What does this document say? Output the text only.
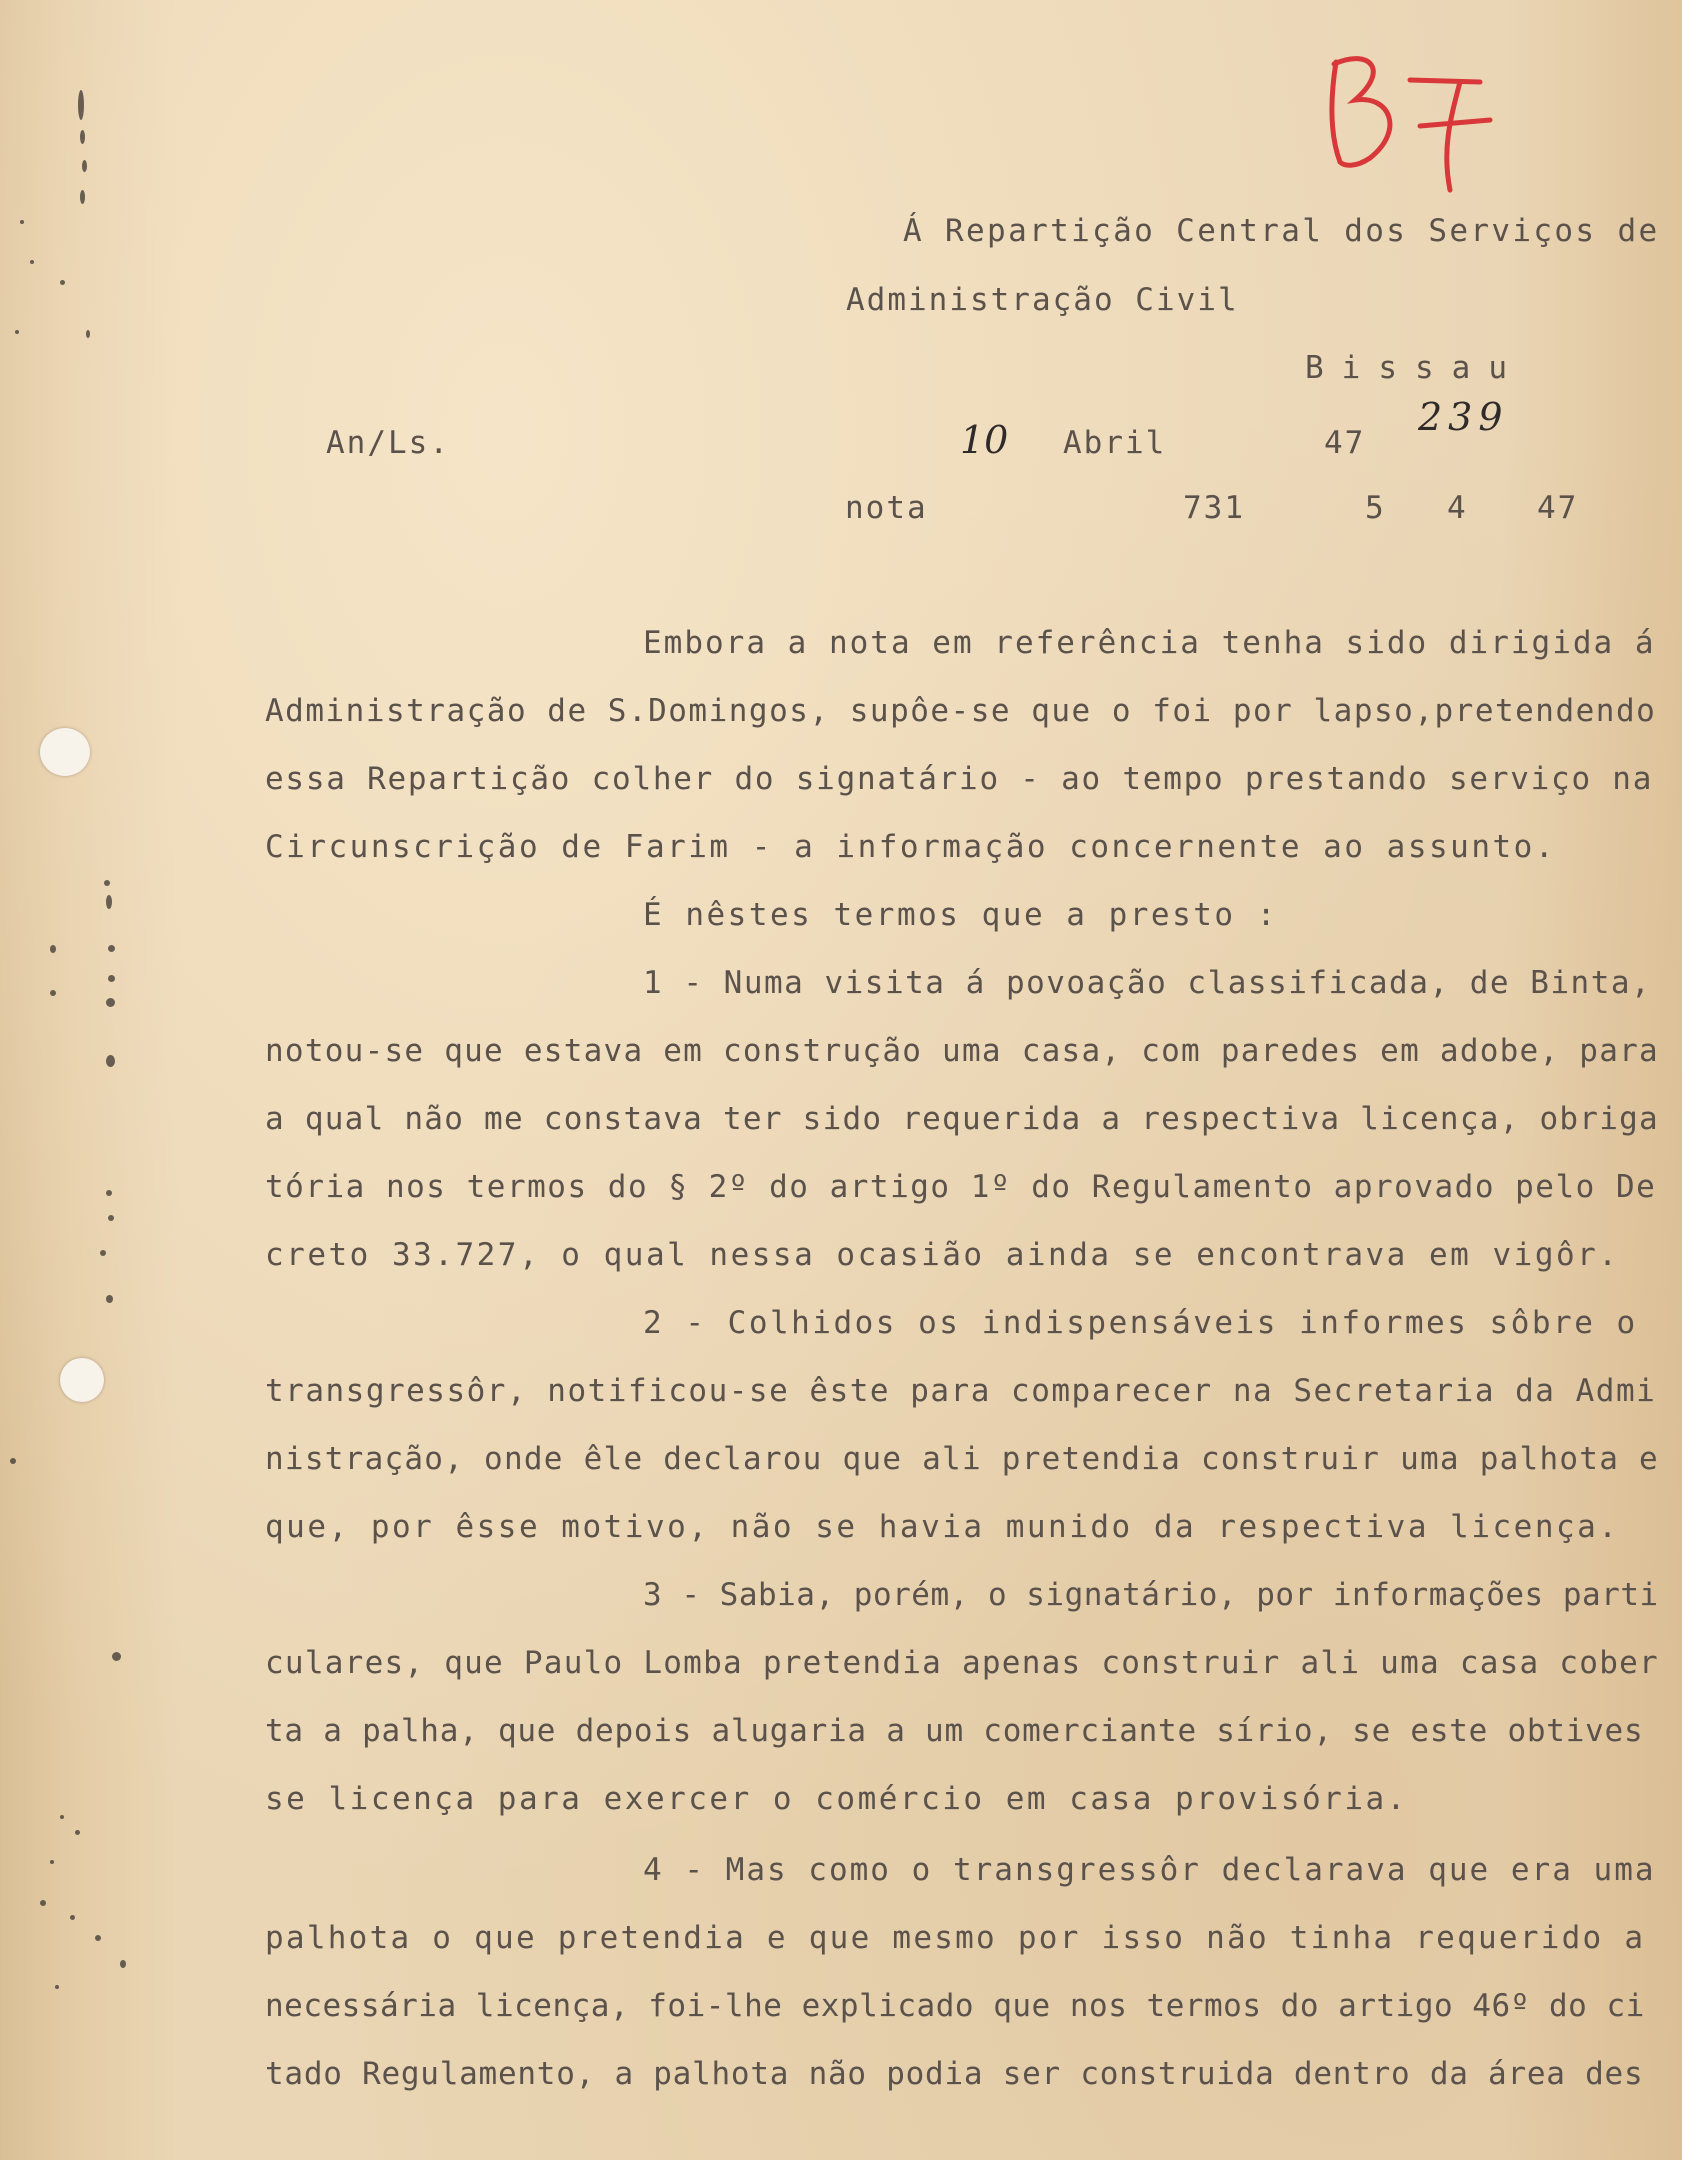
B7
Á Repartição Central dos Serviços de
Administração Civil
Bissau
An/Ls.	10 Abril	47
239
nota	731	5 4 47
Embora a nota em referência tenha sido dirigida á
Administração de S.Domingos, supôe-se que o foi por lapso,pretendendo
essa Repartição colher do signatário - ao tempo prestando serviço na
Circunscrição de Farim - a informação concernente ao assunto.
É nêstes termos que a presto :
1 - Numa visita á povoação classificada, de Binta,
notou-se que estava em construção uma casa, com paredes em adobe, para
a qual não me constava ter sido requerida a respectiva licença, obriga
tória nos termos do § 2º do artigo 1º do Regulamento aprovado pelo De
creto 33.727, o qual nessa ocasião ainda se encontrava em vigôr.
2 - Colhidos os indispensáveis informes sôbre o
transgressôr, notificou-se êste para comparecer na Secretaria da Admi
nistração, onde êle declarou que ali pretendia construir uma palhota e
que, por êsse motivo, não se havia munido da respectiva licença.
3 - Sabia, porém, o signatário, por informações parti
culares, que Paulo Lomba pretendia apenas construir ali uma casa cober
ta a palha, que depois alugaria a um comerciante sírio, se este obtives
se licença para exercer o comércio em casa provisória.
4 - Mas como o transgressôr declarava que era uma
palhota o que pretendia e que mesmo por isso não tinha requerido a
necessária licença, foi-lhe explicado que nos termos do artigo 46º do ci
tado Regulamento, a palhota não podia ser construida dentro da área des
